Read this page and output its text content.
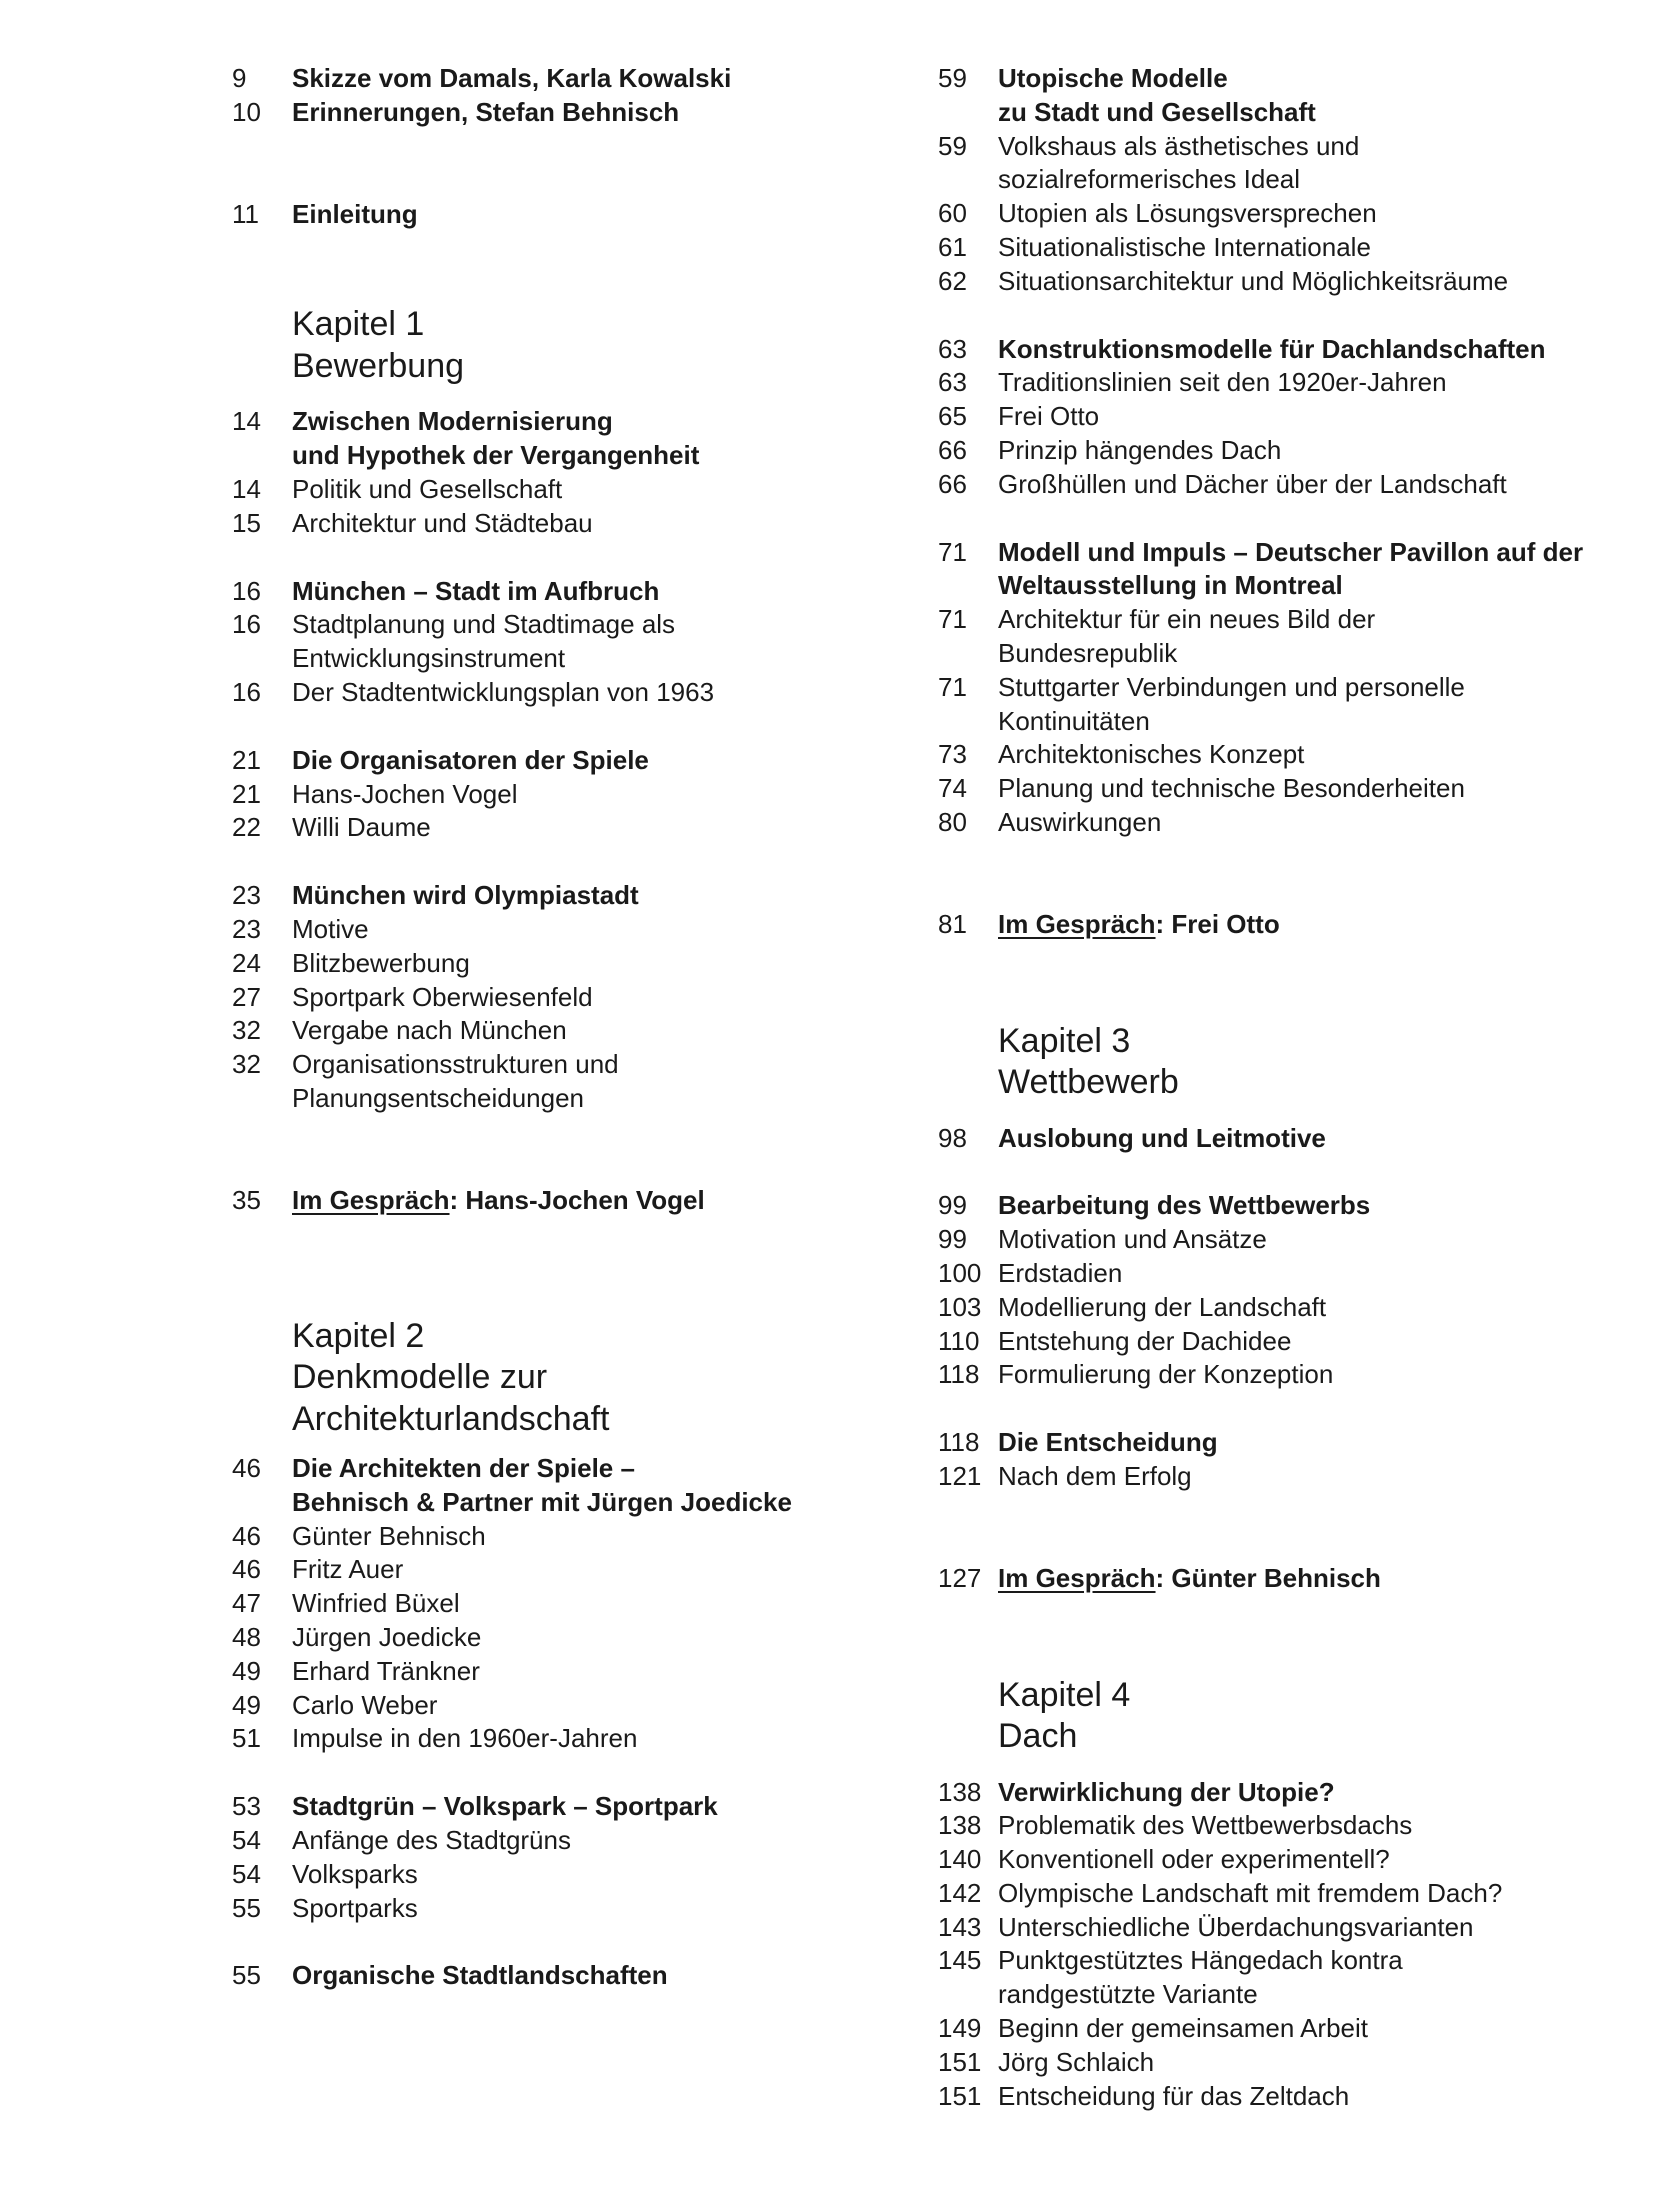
9	Skizze vom Damals, Karla Kowalski
10	Erinnerungen, Stefan Behnisch
11	Einleitung
Kapitel 1
Bewerbung
14	Zwischen Modernisierung
und Hypothek der Vergangenheit
14	Politik und Gesellschaft
15	Architektur und Städtebau
16	München – Stadt im Aufbruch
16	Stadtplanung und Stadtimage als
Entwicklungsinstrument
16	Der Stadtentwicklungsplan von 1963
21	Die Organisatoren der Spiele
21	Hans-Jochen Vogel
22	Willi Daume
23	München wird Olympiastadt
23	Motive
24	Blitzbewerbung
27	Sportpark Oberwiesenfeld
32	Vergabe nach München
32	Organisationsstrukturen und
Planungsentscheidungen
35	Im Gespräch: Hans-Jochen Vogel
Kapitel 2
Denkmodelle zur
Architekturlandschaft
46	Die Architekten der Spiele –
Behnisch & Partner mit Jürgen Joedicke
46	Günter Behnisch
46	Fritz Auer
47	Winfried Büxel
48	Jürgen Joedicke
49	Erhard Tränkner
49	Carlo Weber
51	Impulse in den 1960er-Jahren
53	Stadtgrün – Volkspark – Sportpark
54	Anfänge des Stadtgrüns
54	Volksparks
55	Sportparks
55	Organische Stadtlandschaften
59	Utopische Modelle
zu Stadt und Gesellschaft
59	Volkshaus als ästhetisches und
sozialreformerisches Ideal
60	Utopien als Lösungsversprechen
61	Situationalistische Internationale
62	Situationsarchitektur und Möglichkeitsräume
63	Konstruktionsmodelle für Dachlandschaften
63	Traditionslinien seit den 1920er-Jahren
65	Frei Otto
66	Prinzip hängendes Dach
66	Großhüllen und Dächer über der Landschaft
71	Modell und Impuls – Deutscher Pavillon auf der
Weltausstellung in Montreal
71	Architektur für ein neues Bild der
Bundesrepublik
71	Stuttgarter Verbindungen und personelle
Kontinuitäten
73	Architektonisches Konzept
74	Planung und technische Besonderheiten
80	Auswirkungen
81	Im Gespräch: Frei Otto
Kapitel 3
Wettbewerb
98	Auslobung und Leitmotive
99	Bearbeitung des Wettbewerbs
99	Motivation und Ansätze
100 Erdstadien
103 Modellierung der Landschaft
110 Entstehung der Dachidee
118 Formulierung der Konzeption
118 Die Entscheidung
121 Nach dem Erfolg
127 Im Gespräch: Günter Behnisch
Kapitel 4
Dach
138 Verwirklichung der Utopie?
138 Problematik des Wettbewerbsdachs
140 Konventionell oder experimentell?
142 Olympische Landschaft mit fremdem Dach?
143 Unterschiedliche Überdachungsvarianten
145 Punktgestütztes Hängedach kontra
randgestützte Variante
149 Beginn der gemeinsamen Arbeit
151 Jörg Schlaich
151 Entscheidung für das Zeltdach
